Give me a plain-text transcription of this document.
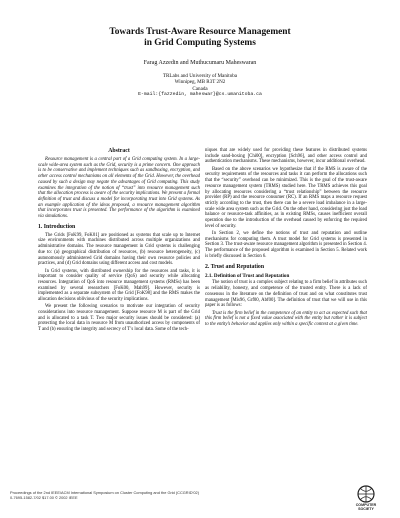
Towards Trust-Aware Resource Management
in Grid Computing Systems
Farag Azzedin and Muthucumaru Maheswaran
TRLabs and University of Manitoba
Winnipeg, MB R3T 2N2
Canada
E-mail:{fazzedin, maheswar}@cs.umanitoba.ca
Abstract

Resource management is a central part of a Grid computing system. In a large-scale wide-area system such as the Grid, security is a prime concern. One approach is to be conservative and implement techniques such as sandboxing, encryption, and other access control mechanisms on all elements of the Grid. However, the overhead caused by such a design may negate the advantages of Grid computing. This study examines the integration of the notion of “trust” into resource management such that the allocation process is aware of the security implications. We present a formal definition of trust and discuss a model for incorporating trust into Grid systems. As an example application of the ideas proposed, a resource management algorithm that incorporates trust is presented. The performance of the algorithm is examined via simulations.

1. Introduction

The Grids [FoK99, FoK01] are positioned as systems that scale up to Internet size environments with machines distributed across multiple organizations and administrative domains. The resource management in Grid systems is challenging due to: (a) geographical distribution of resources, (b) resource heterogeneity, (c) autonomously administered Grid domains having their own resource policies and practices, and (d) Grid domains using different access and cost models.

In Grid systems, with distributed ownership for the resources and tasks, it is important to consider quality of service (QoS) and security while allocating resources. Integration of QoS into resource management systems (RMSs) has been examined by several researchers [FoK00, Mah99]. However, security is implemented as a separate subsystem of the Grid [FoK98] and the RMS makes the allocation decisions oblivious of the security implications.

We present the following scenarios to motivate our integration of security considerations into resource management. Suppose resource M is part of the Grid and is allocated to a task T. Two major security issues should be considered: (a) protecting the local data in resource M from unauthorized access by components of T and (b) ensuring the integrity and secrecy of T’s local data. Some of the tech-

niques that are widely used for providing these features in distributed systems include sand-boxing [Chi00], encryption [Sch96], and other access control and authentication mechanisms. These mechanisms, however, incur additional overhead.

Based on the above scenarios we hypothesize that if the RMS is aware of the security requirements of the resources and tasks it can perform the allocations such that the “security” overhead can be minimized. This is the goal of the trust-aware resource management system (TRMS) studied here. The TRMS achieves this goal by allocating resources considering a “trust relationship” between the resource provider (RP) and the resource consumer (RC). If an RMS maps a resource request strictly according to the trust, then there can be a severe load imbalance in a large-scale wide area system such as the Grid. On the other hand, considering just the load balance or resource-task affinities, as in existing RMSs, causes inefficient overall operation due to the introduction of the overhead caused by enforcing the required level of security.

In Section 2, we define the notions of trust and reputation and outline mechanisms for computing them. A trust model for Grid systems is presented in Section 3. The trust-aware resource management algorithm is presented in Section 4. The performance of the proposed algorithm is examined in Section 5. Related work is briefly discussed in Section 6.

2. Trust and Reputation
2.1. Definition of Trust and Reputation

The notion of trust is a complex subject relating to a firm belief in attributes such as reliability, honesty, and competence of the trusted entity. There is a lack of consensus in the literature on the definition of trust and on what constitutes trust management [Mis96, Grf00, Abf00]. The definition of trust that we will use in this paper is as follows:

Trust is the firm belief in the competence of an entity to act as expected such that this firm belief is not a fixed value associated with the entity but rather it is subject to the entity’s behavior and applies only within a specific context at a given time.

Proceedings of the 2nd IEEE/ACM International Symposium on Cluster Computing and the Grid (CCGRID’02)
0-7695-1582-7/02 $17.00 © 2002 IEEE
COMPUTER
SOCIETY
